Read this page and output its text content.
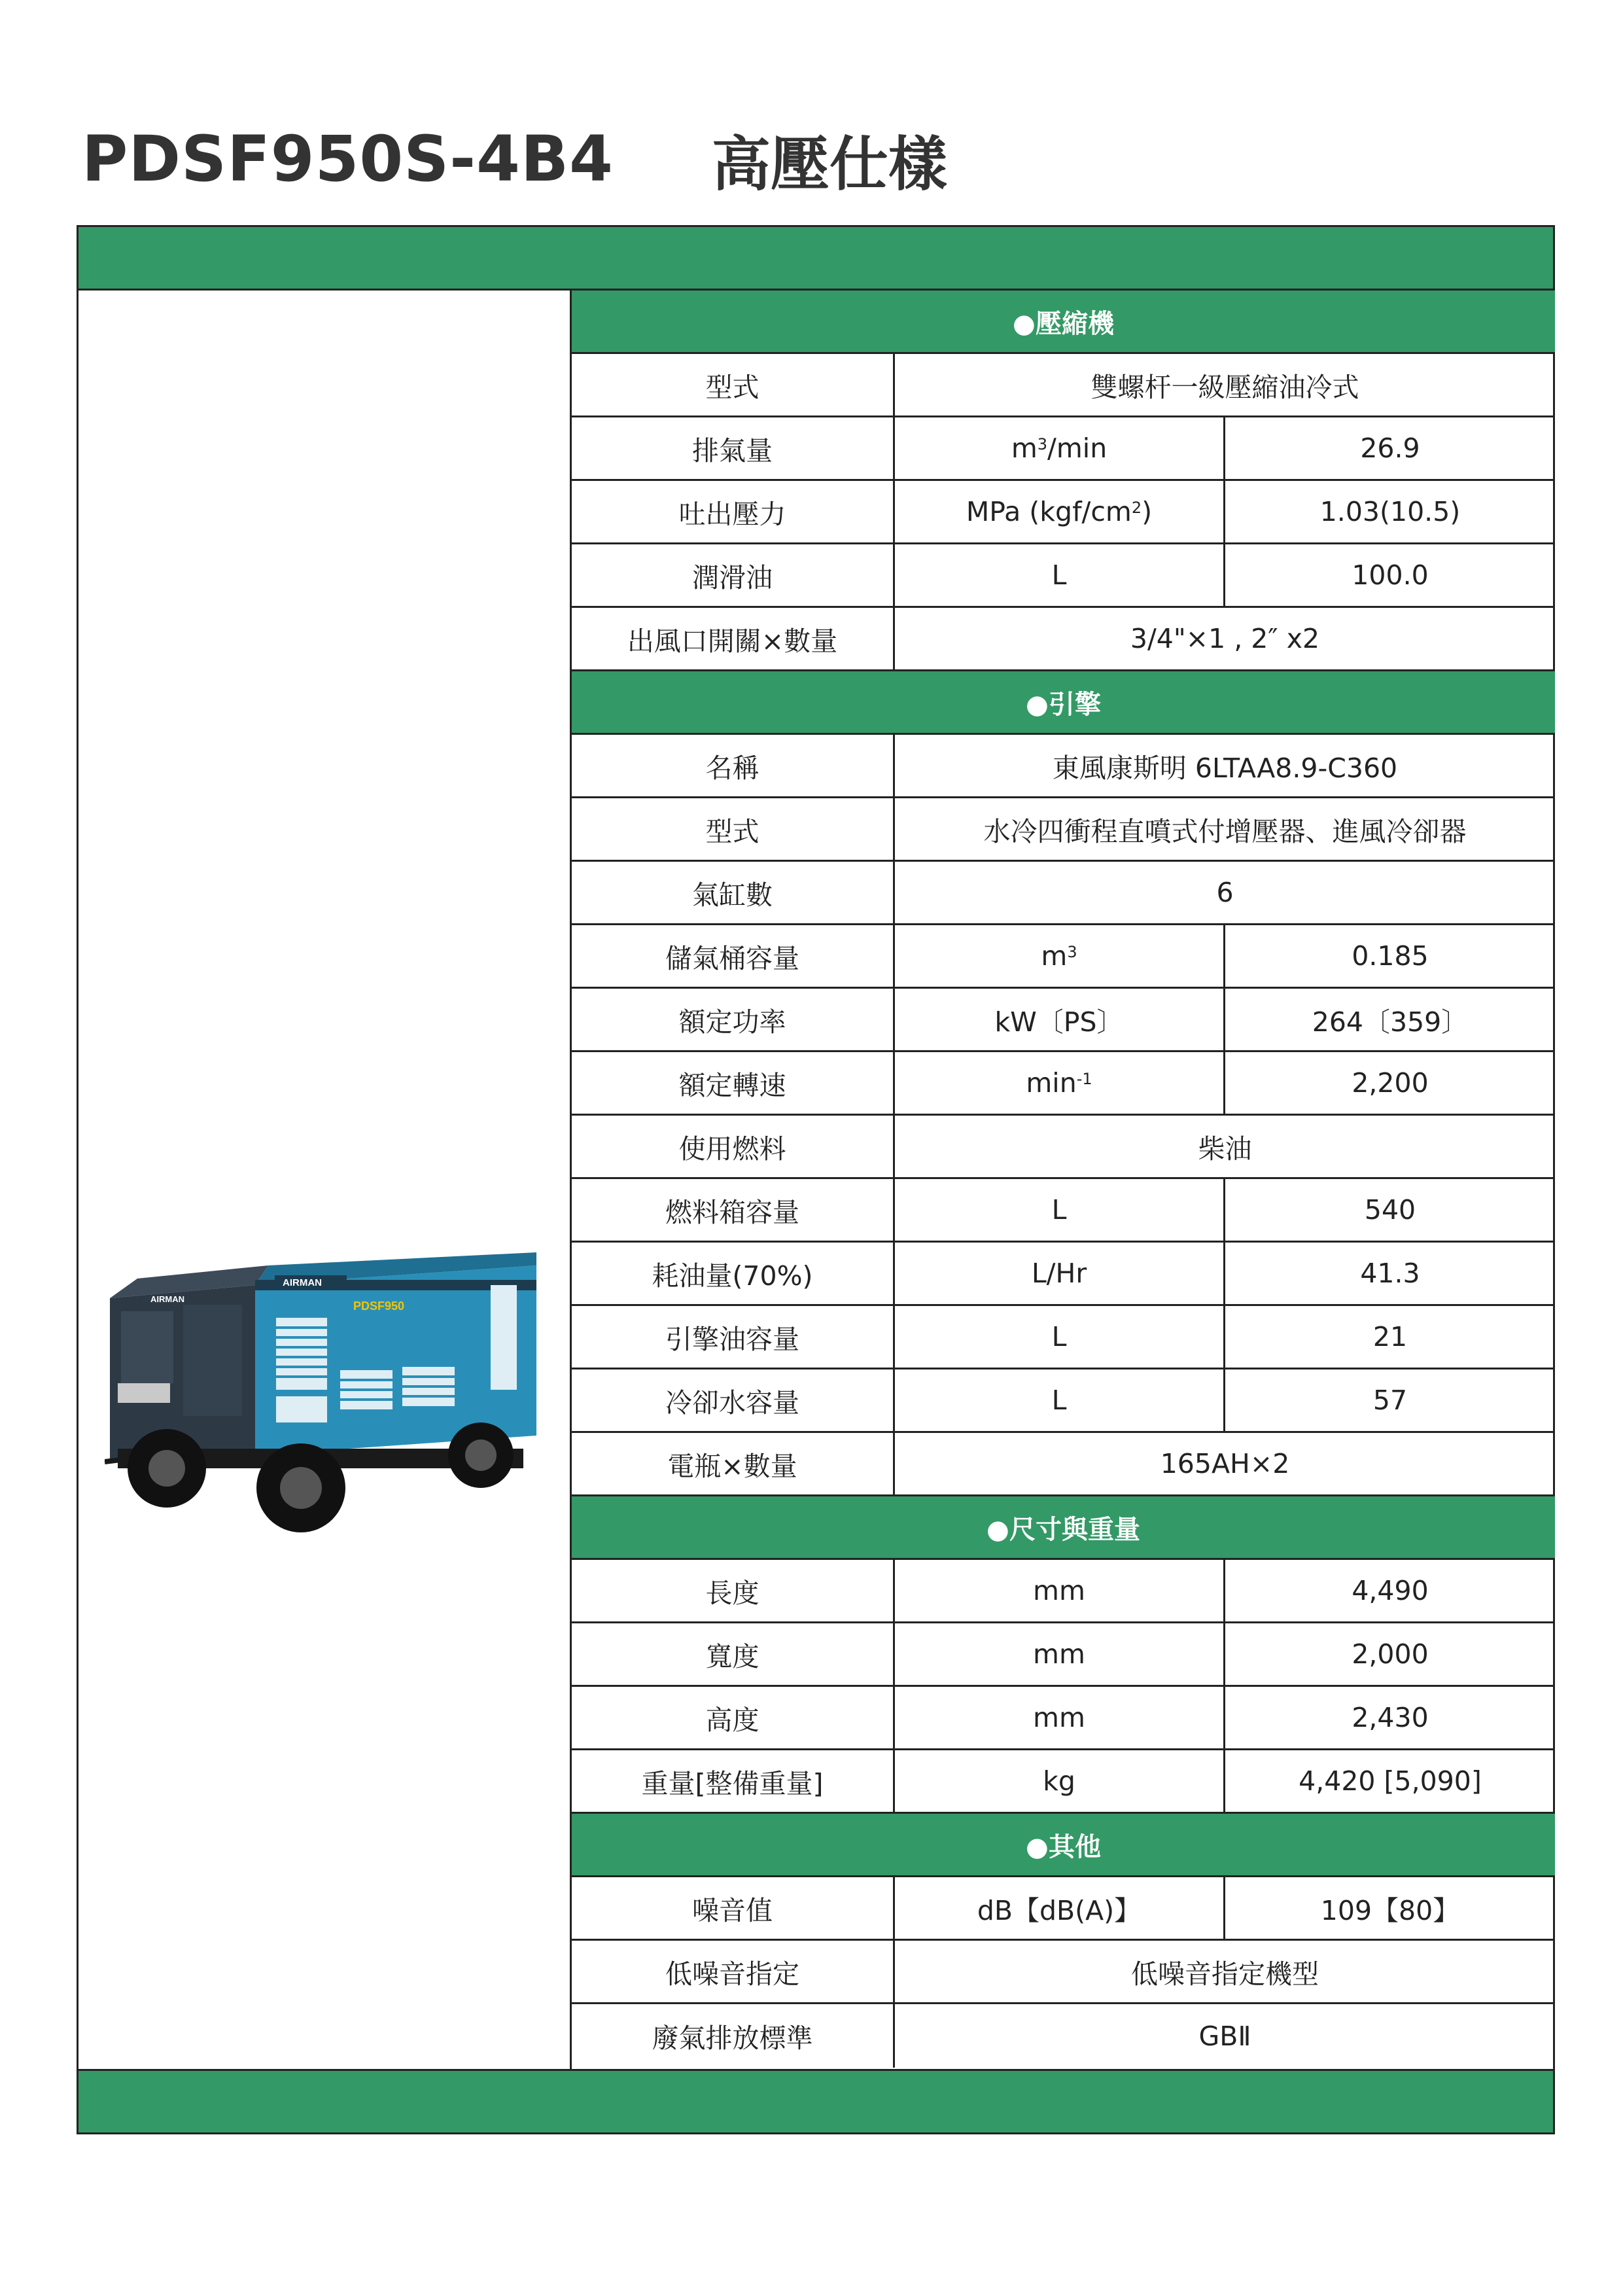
PDSF950S-4B4 高壓仕樣
AIRMAN
AIRMAN
PDSF950
●壓縮機
型式	雙螺杆一級壓縮油冷式
排氣量	$m^3$ /min	26.9
吐出壓力	MPa ($kgf/cm^2$ )	1.03(10.5)
潤滑油	L	100.0
出風口開關×數量	3/4"×1 , 2″ x2
●引擎
名稱	東風康斯明 6LTAA8.9-C360
型式	水冷四衝程直噴式付增壓器、進風冷卻器
氣缸數	6
儲氣桶容量	$m^3$	0.185
額定功率	kW〔PS〕	264〔359〕
額定轉速	$\min^{-1}$	2,200
使用燃料	柴油
燃料箱容量	L	540
耗油量(70%)	L/Hr	41.3
引擎油容量	L	21
冷卻水容量	L	57
電瓶×數量	165AH×2
●尺寸與重量
長度	mm	4,490
寬度	mm	2,000
高度	mm	2,430
重量[整備重量]	kg	4,420 [5,090]
●其他
噪音值	dB【dB(A)】	109【80】
低噪音指定	低噪音指定機型
廢氣排放標準	GBⅡ
